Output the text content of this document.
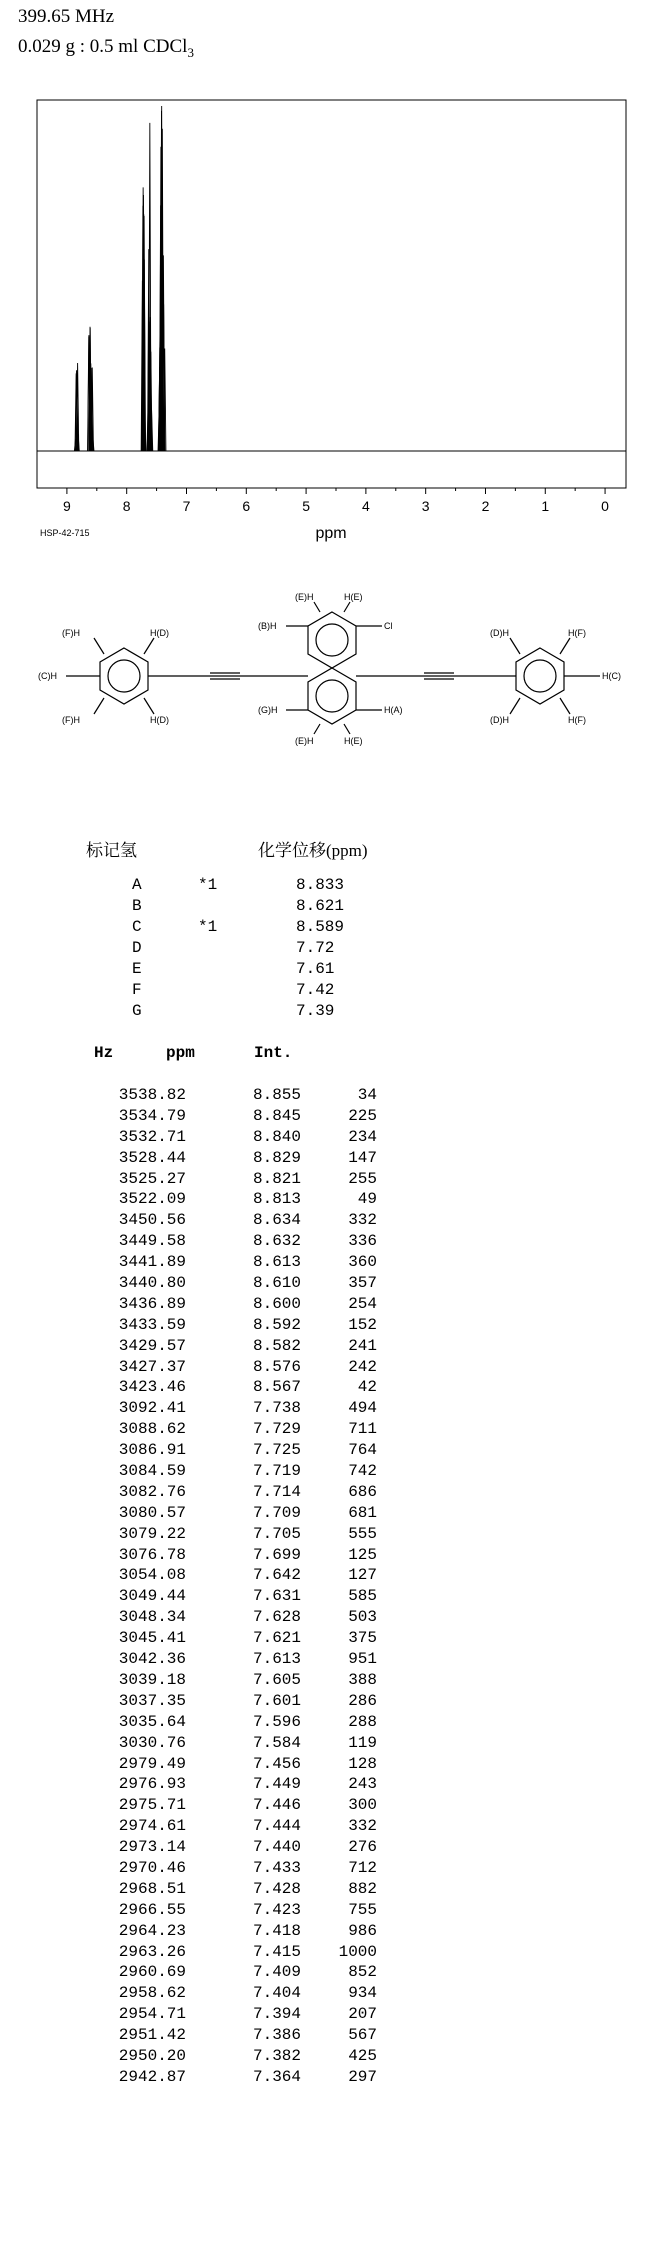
399.65 MHz
0.029 g : 0.5 ml CDCl$_3$
9	8	7	6	5	4	3	2	1	0
ppm
HSP-42-715
(E)H	H(E)
(B)H	Cl
(F)H	H(D)
(C)H
(D)H	H(F)
H(C)
(F)H	H(D)
(G)H	H(A)
(D)H	H(F)
(E)H	H(E)
标记氢	化学位移(ppm)
A	*1	8.833
B	8.621
C	*1	8.589
D	7.72
E	7.61
F	7.42
G	7.39
Hz	ppm	Int.
3538.82	8.855	34
3534.79	8.845	225
3532.71	8.840	234
3528.44	8.829	147
3525.27	8.821	255
3522.09	8.813	49
3450.56	8.634	332
3449.58	8.632	336
3441.89	8.613	360
3440.80	8.610	357
3436.89	8.600	254
3433.59	8.592	152
3429.57	8.582	241
3427.37	8.576	242
3423.46	8.567	42
3092.41	7.738	494
3088.62	7.729	711
3086.91	7.725	764
3084.59	7.719	742
3082.76	7.714	686
3080.57	7.709	681
3079.22	7.705	555
3076.78	7.699	125
3054.08	7.642	127
3049.44	7.631	585
3048.34	7.628	503
3045.41	7.621	375
3042.36	7.613	951
3039.18	7.605	388
3037.35	7.601	286
3035.64	7.596	288
3030.76	7.584	119
2979.49	7.456	128
2976.93	7.449	243
2975.71	7.446	300
2974.61	7.444	332
2973.14	7.440	276
2970.46	7.433	712
2968.51	7.428	882
2966.55	7.423	755
2964.23	7.418	986
2963.26	7.415	1000
2960.69	7.409	852
2958.62	7.404	934
2954.71	7.394	207
2951.42	7.386	567
2950.20	7.382	425
2942.87	7.364	297
